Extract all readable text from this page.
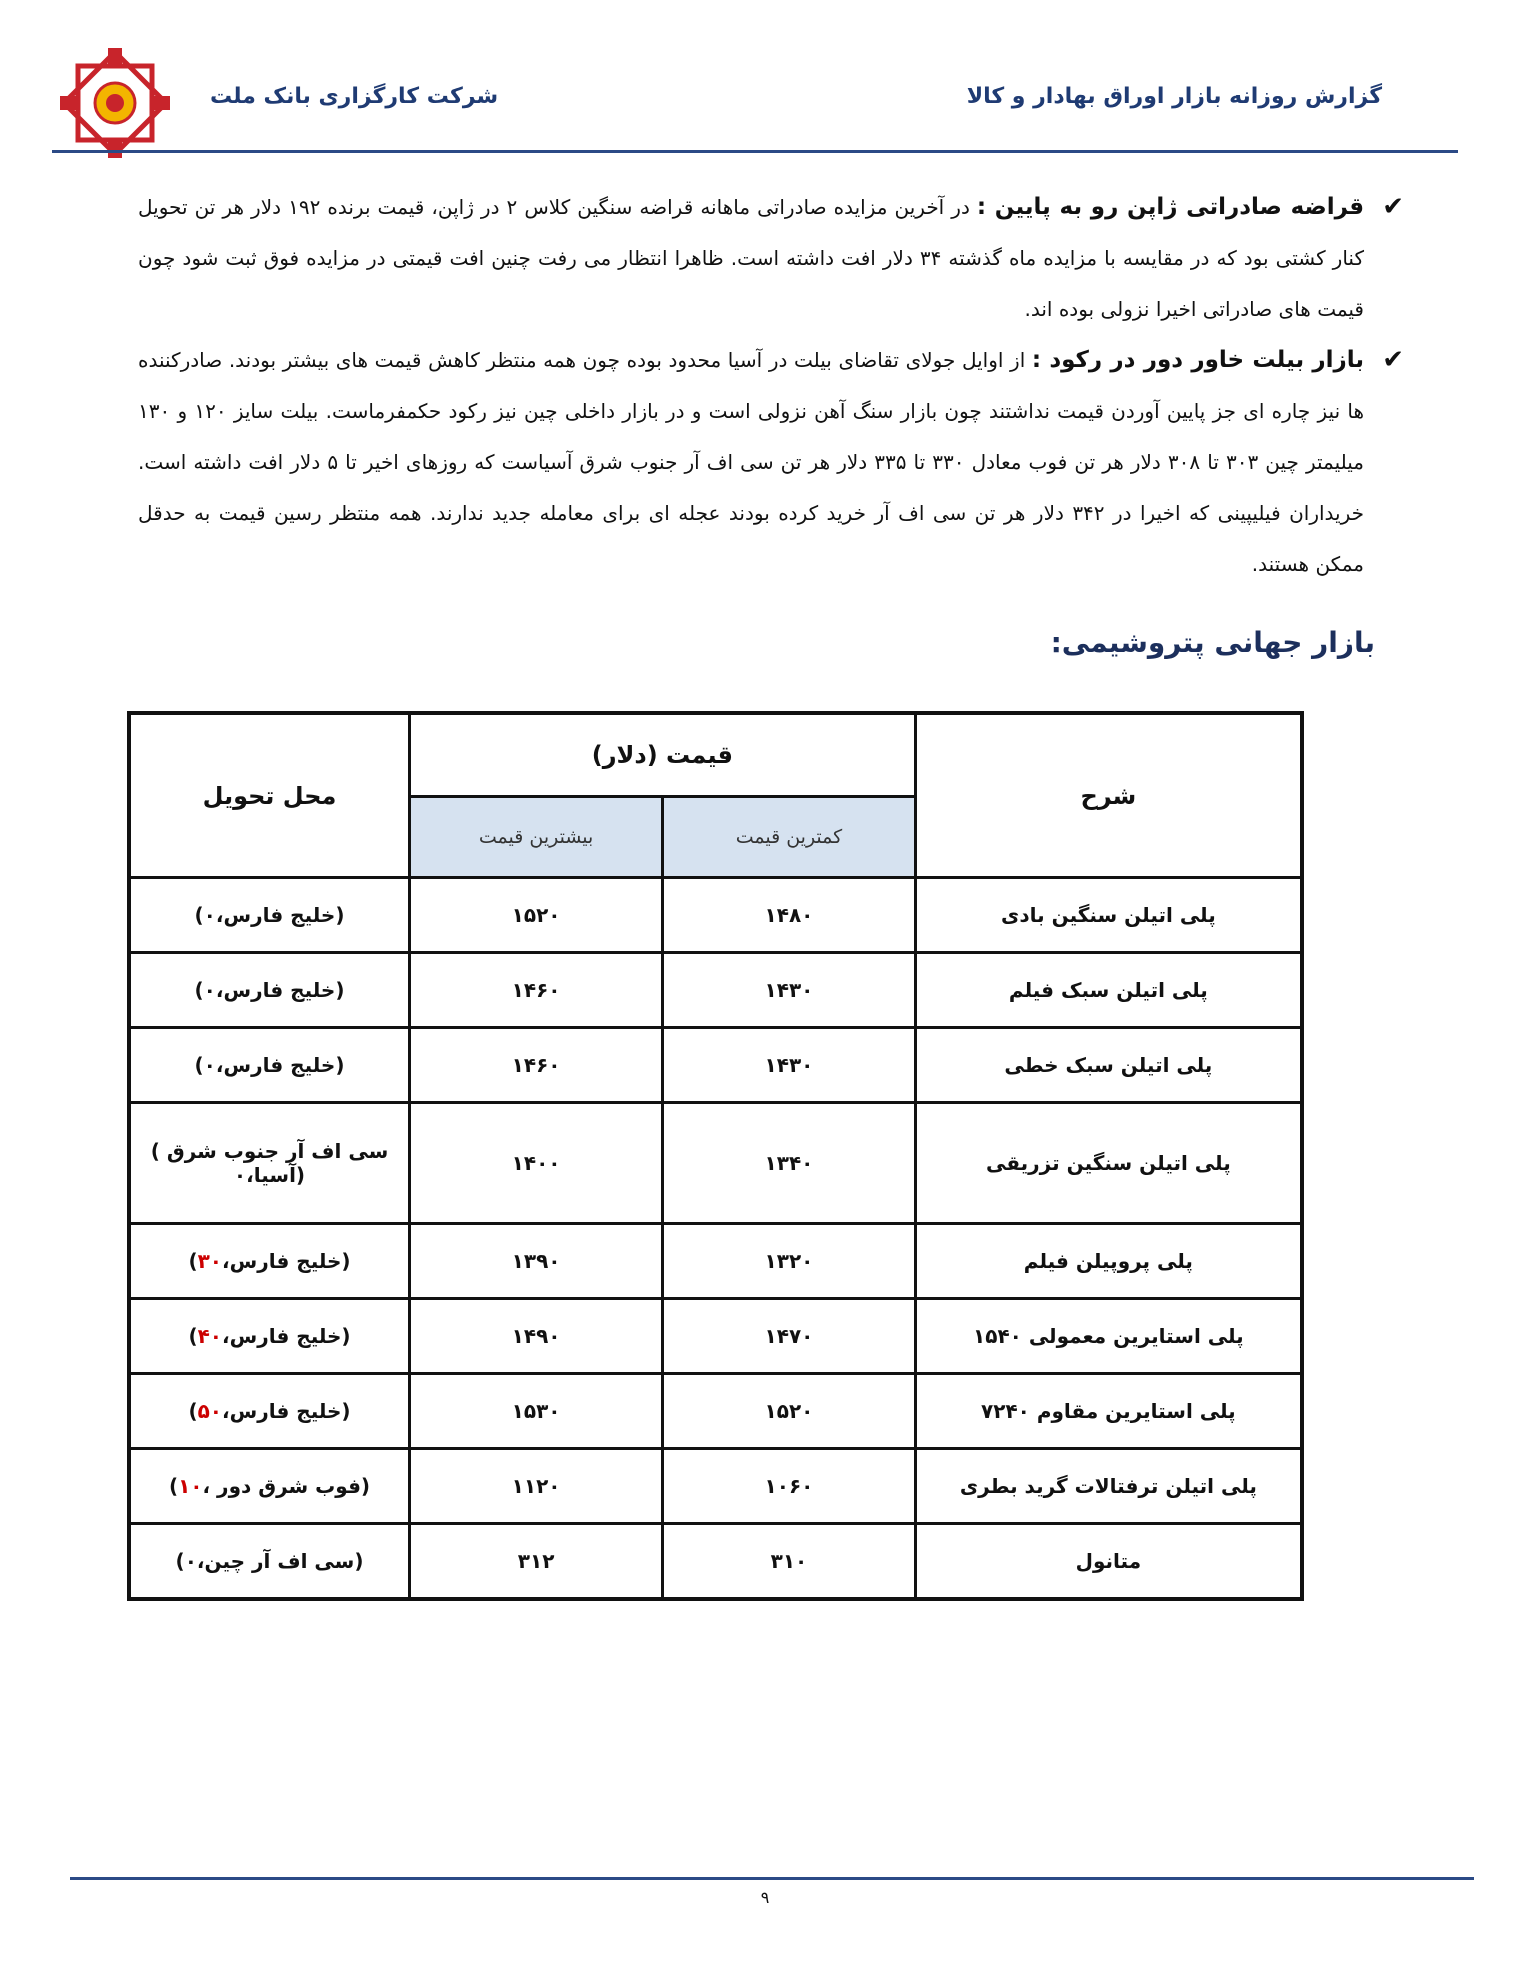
شرکت کارگزاری بانک ملت	گزارش روزانه بازار اوراق بهادار و کالا
✔
قراضه صادراتی ژاپن رو به پایین : در آخرین مزایده صادراتی ماهانه قراضه سنگین کلاس ۲ در ژاپن، قیمت برنده ۱۹۲ دلار هر تن تحویل کنار کشتی بود که در مقایسه با مزایده ماه گذشته ۳۴ دلار افت داشته است. ظاهرا انتظار می رفت چنین افت قیمتی در مزایده فوق ثبت شود چون قیمت های صادراتی اخیرا نزولی بوده اند.
✔
بازار بیلت خاور دور در رکود : از اوایل جولای تقاضای بیلت در آسیا محدود بوده چون همه منتظر کاهش قیمت های بیشتر بودند. صادرکننده ها نیز چاره ای جز پایین آوردن قیمت نداشتند چون بازار سنگ آهن نزولی است و در بازار داخلی چین نیز رکود حکمفرماست. بیلت سایز ۱۲۰ و ۱۳۰ میلیمتر چین ۳۰۳ تا ۳۰۸ دلار هر تن فوب معادل ۳۳۰ تا ۳۳۵ دلار هر تن سی اف آر جنوب شرق آسیاست که روزهای اخیر تا ۵ دلار افت داشته است. خریداران فیلیپینی که اخیرا در ۳۴۲ دلار هر تن سی اف آر خرید کرده بودند عجله ای برای معامله جدید ندارند. همه منتظر رسین قیمت به حدقل ممکن هستند.
بازار جهانی پتروشیمی:
شرح	قیمت (دلار)		محل تحویل
	کمترین قیمت	بیشترین قیمت	
پلی اتیلن سنگین بادی	۱۴۸۰	۱۵۲۰	(خلیج فارس،۰)
پلی اتیلن سبک فیلم	۱۴۳۰	۱۴۶۰	(خلیج فارس،۰)
پلی اتیلن سبک خطی	۱۴۳۰	۱۴۶۰	(خلیج فارس،۰)
پلی اتیلن سنگین تزریقی	۱۳۴۰	۱۴۰۰	سی اف آر جنوب شرق ) (آسیا،۰
پلی پروپیلن فیلم	۱۳۲۰	۱۳۹۰	(خلیج فارس،۳۰)
پلی استایرین معمولی ۱۵۴۰	۱۴۷۰	۱۴۹۰	(خلیج فارس،۴۰)
پلی استایرین مقاوم ۷۲۴۰	۱۵۲۰	۱۵۳۰	(خلیج فارس،۵۰)
پلی اتیلن ترفتالات گرید بطری	۱۰۶۰	۱۱۲۰	(فوب شرق دور ،۱۰)
متانول	۳۱۰	۳۱۲	(سی اف آر چین،۰)
۹
